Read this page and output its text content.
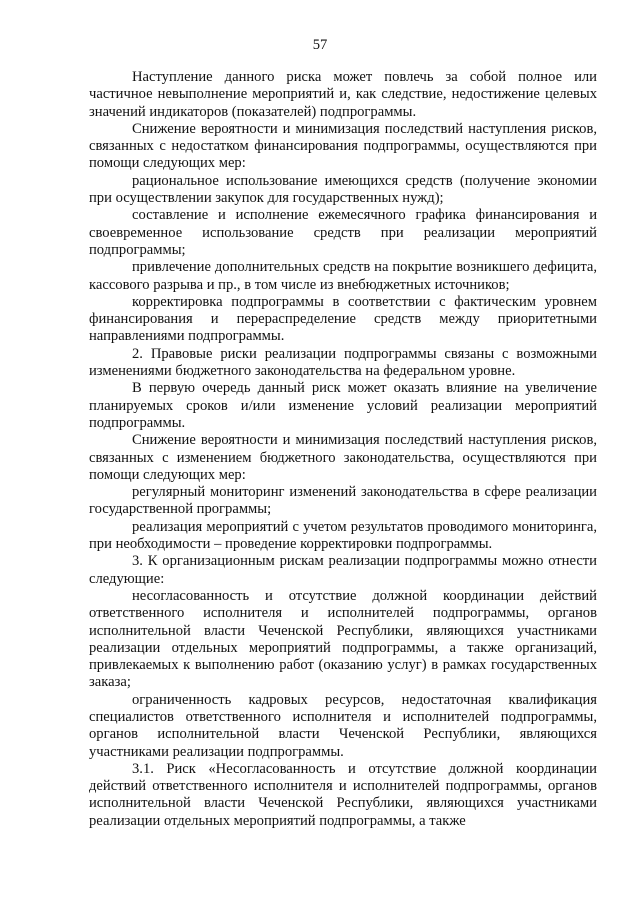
57

Наступление данного риска может повлечь за собой полное или частичное невыполнение мероприятий и, как следствие, недостижение целевых значений индикаторов (показателей) подпрограммы.

Снижение вероятности и минимизация последствий наступления рисков, связанных с недостатком финансирования подпрограммы, осуществляются при помощи следующих мер:

рациональное использование имеющихся средств (получение экономии при осуществлении закупок для государственных нужд);

составление и исполнение ежемесячного графика финансирования и своевременное использование средств при реализации мероприятий подпрограммы;

привлечение дополнительных средств на покрытие возникшего дефицита, кассового разрыва и пр., в том числе из внебюджетных источников;

корректировка подпрограммы в соответствии с фактическим уровнем финансирования и перераспределение средств между приоритетными направлениями подпрограммы.

2. Правовые риски реализации подпрограммы связаны с возможными изменениями бюджетного законодательства на федеральном уровне.

В первую очередь данный риск может оказать влияние на увеличение планируемых сроков и/или изменение условий реализации мероприятий подпрограммы.

Снижение вероятности и минимизация последствий наступления рисков, связанных с изменением бюджетного законодательства, осуществляются при помощи следующих мер:

регулярный мониторинг изменений законодательства в сфере реализации государственной программы;

реализация мероприятий с учетом результатов проводимого мониторинга, при необходимости – проведение корректировки подпрограммы.

3. К организационным рискам реализации подпрограммы можно отнести следующие:

несогласованность и отсутствие должной координации действий ответственного исполнителя и исполнителей подпрограммы, органов исполнительной власти Чеченской Республики, являющихся участниками реализации отдельных мероприятий подпрограммы, а также организаций, привлекаемых к выполнению работ (оказанию услуг) в рамках государственных заказа;

ограниченность кадровых ресурсов, недостаточная квалификация специалистов ответственного исполнителя и исполнителей подпрограммы, органов исполнительной власти Чеченской Республики, являющихся участниками реализации подпрограммы.

3.1. Риск «Несогласованность и отсутствие должной координации действий ответственного исполнителя и исполнителей подпрограммы, органов исполнительной власти Чеченской Республики, являющихся участниками реализации отдельных мероприятий подпрограммы, а также
